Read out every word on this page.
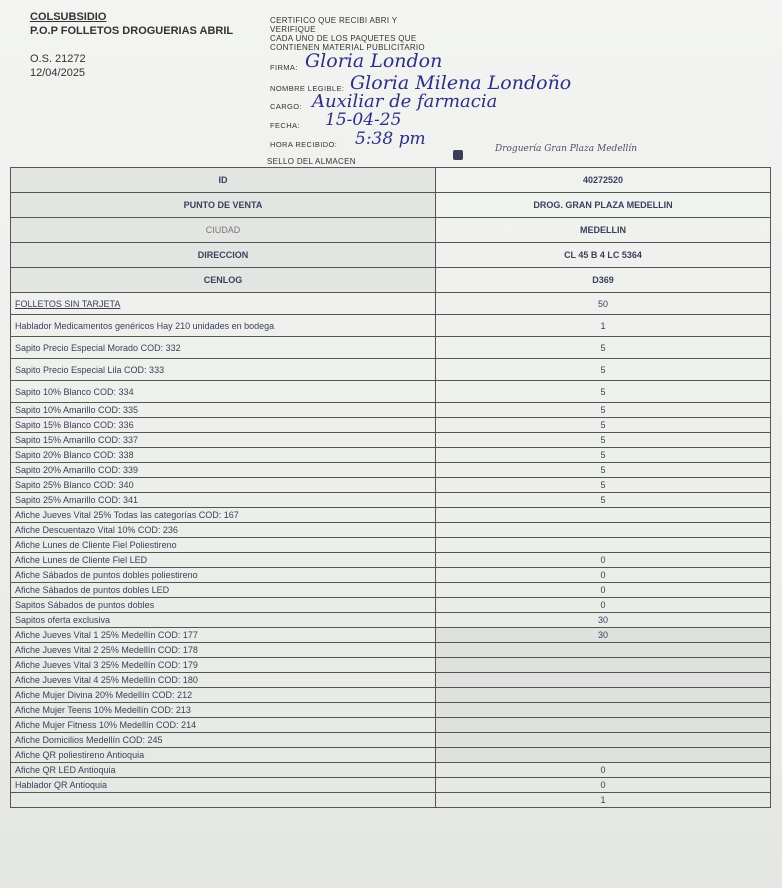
COLSUBSIDIO
P.O.P FOLLETOS DROGUERIAS ABRIL
O.S. 21272
12/04/2025
CERTIFICO QUE RECIBI ABRI Y
VERIFIQUE
CADA UNO DE LOS PAQUETES QUE
CONTIENEN MATERIAL PUBLICITARIO
FIRMA: Gloria London
NOMBRE LEGIBLE: Gloria Milena Londoño
CARGO: Auxiliar de farmacia
FECHA: 15-04-25
HORA RECIBIDO: 5:38 pm	Droguería Gran Plaza Medellín
SELLO DEL ALMACEN
ID	40272520
PUNTO DE VENTA	DROG. GRAN PLAZA MEDELLIN
CIUDAD	MEDELLIN
DIRECCION	CL 45 B 4 LC 5364
CENLOG	D369
FOLLETOS SIN TARJETA	50
Hablador Medicamentos genéricos Hay 210 unidades en bodega	1
Sapito Precio Especial Morado COD: 332	5
Sapito Precio Especial Lila COD: 333	5
Sapito 10% Blanco COD: 334	5
Sapito 10% Amarillo COD: 335	5
Sapito 15% Blanco COD: 336	5
Sapito 15% Amarillo COD: 337	5
Sapito 20% Blanco COD: 338	5
Sapito 20% Amarillo COD: 339	5
Sapito 25% Blanco COD: 340	5
Sapito 25% Amarillo COD: 341	5
Afiche Jueves Vital 25% Todas las categorías COD: 167	
Afiche Descuentazo Vital 10% COD: 236	
Afiche Lunes de Cliente Fiel Poliestireno	
Afiche Lunes de Cliente Fiel LED	0
Afiche Sábados de puntos dobles poliestireno	0
Afiche Sábados de puntos dobles LED	0
Sapitos Sábados de puntos dobles	0
Sapitos oferta exclusiva	30
Afiche Jueves Vital 1 25% Medellín COD: 177	30
Afiche Jueves Vital 2 25% Medellín COD: 178	
Afiche Jueves Vital 3 25% Medellín COD: 179	
Afiche Jueves Vital 4 25% Medellín COD: 180	
Afiche Mujer Divina 20% Medellín COD: 212	
Afiche Mujer Teens 10% Medellín COD: 213	
Afiche Mujer Fitness 10% Medellín COD: 214	
Afiche Domicilios Medellín COD: 245	
Afiche QR poliestireno Antioquia	
Afiche QR LED Antioquia	0
Hablador QR Antioquia	0
	1
